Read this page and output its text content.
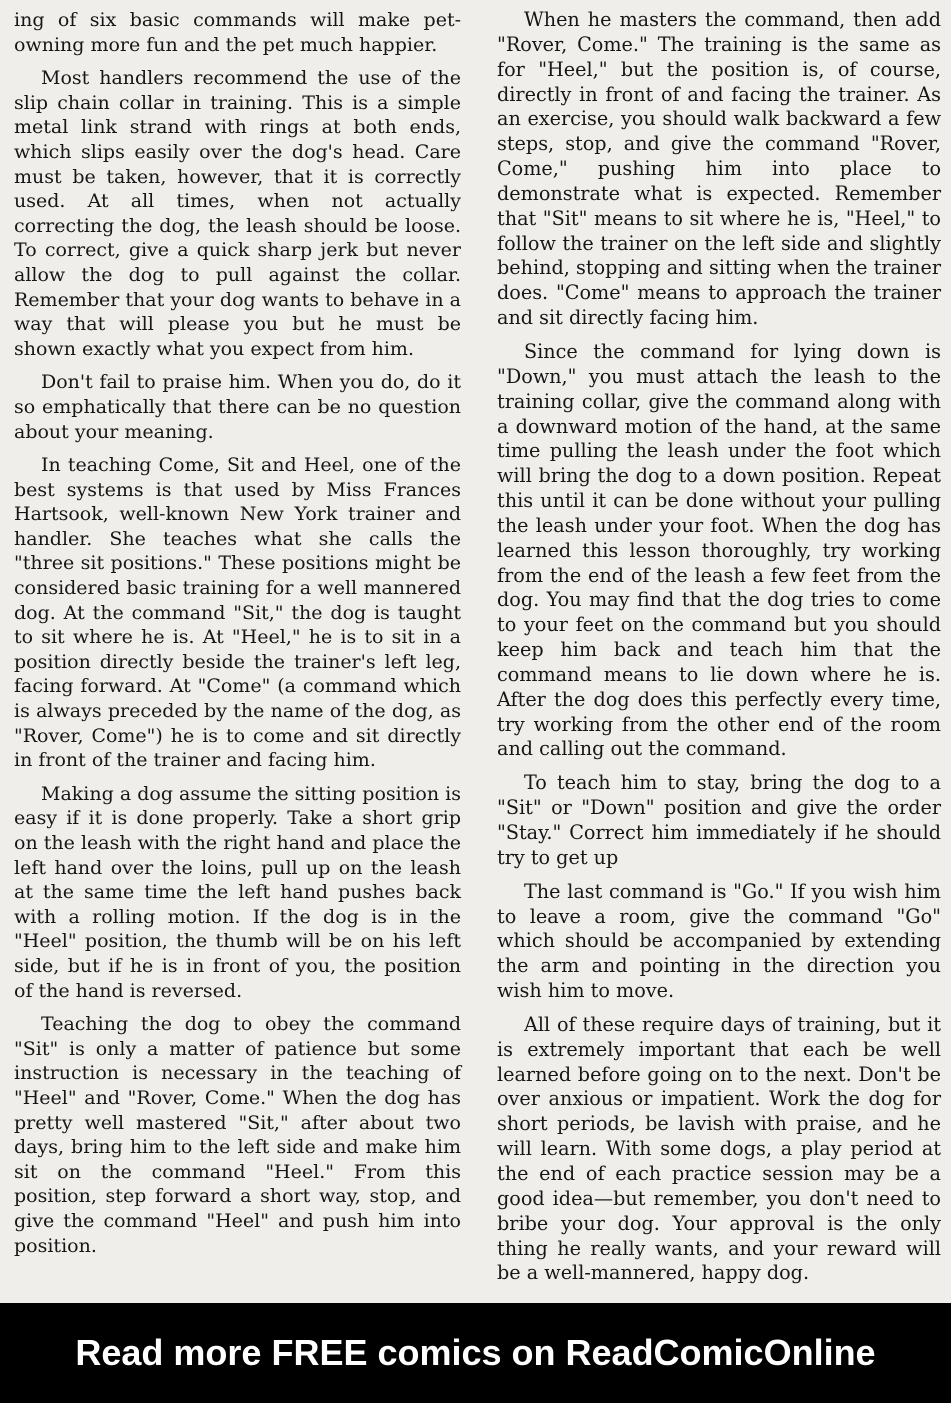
ing of six basic commands will make pet-owning more fun and the pet much happier.

Most handlers recommend the use of the slip chain collar in training. This is a simple metal link strand with rings at both ends, which slips easily over the dog's head. Care must be taken, however, that it is correctly used. At all times, when not actually correcting the dog, the leash should be loose. To correct, give a quick sharp jerk but never allow the dog to pull against the collar. Remember that your dog wants to behave in a way that will please you but he must be shown exactly what you expect from him.

Don't fail to praise him. When you do, do it so emphatically that there can be no question about your meaning.

In teaching Come, Sit and Heel, one of the best systems is that used by Miss Frances Hartsook, well-known New York trainer and handler. She teaches what she calls the "three sit positions." These positions might be considered basic training for a well mannered dog. At the command "Sit," the dog is taught to sit where he is. At "Heel," he is to sit in a position directly beside the trainer's left leg, facing forward. At "Come" (a command which is always preceded by the name of the dog, as "Rover, Come") he is to come and sit directly in front of the trainer and facing him.

Making a dog assume the sitting position is easy if it is done properly. Take a short grip on the leash with the right hand and place the left hand over the loins, pull up on the leash at the same time the left hand pushes back with a rolling motion. If the dog is in the "Heel" position, the thumb will be on his left side, but if he is in front of you, the position of the hand is reversed.

Teaching the dog to obey the command "Sit" is only a matter of patience but some instruction is necessary in the teaching of "Heel" and "Rover, Come." When the dog has pretty well mastered "Sit," after about two days, bring him to the left side and make him sit on the command "Heel." From this position, step forward a short way, stop, and give the command "Heel" and push him into position.

When he masters the command, then add "Rover, Come." The training is the same as for "Heel," but the position is, of course, directly in front of and facing the trainer. As an exercise, you should walk backward a few steps, stop, and give the command "Rover, Come," pushing him into place to demonstrate what is expected. Remember that "Sit" means to sit where he is, "Heel," to follow the trainer on the left side and slightly behind, stopping and sitting when the trainer does. "Come" means to approach the trainer and sit directly facing him.

Since the command for lying down is "Down," you must attach the leash to the training collar, give the command along with a downward motion of the hand, at the same time pulling the leash under the foot which will bring the dog to a down position. Repeat this until it can be done without your pulling the leash under your foot. When the dog has learned this lesson thoroughly, try working from the end of the leash a few feet from the dog. You may find that the dog tries to come to your feet on the command but you should keep him back and teach him that the command means to lie down where he is. After the dog does this perfectly every time, try working from the other end of the room and calling out the command.

To teach him to stay, bring the dog to a "Sit" or "Down" position and give the order "Stay." Correct him immediately if he should try to get up

The last command is "Go." If you wish him to leave a room, give the command "Go" which should be accompanied by extending the arm and pointing in the direction you wish him to move.

All of these require days of training, but it is extremely important that each be well learned before going on to the next. Don't be over anxious or impatient. Work the dog for short periods, be lavish with praise, and he will learn. With some dogs, a play period at the end of each practice session may be a good idea—but remember, you don't need to bribe your dog. Your approval is the only thing he really wants, and your reward will be a well-mannered, happy dog.

Read more FREE comics on ReadComicOnline
